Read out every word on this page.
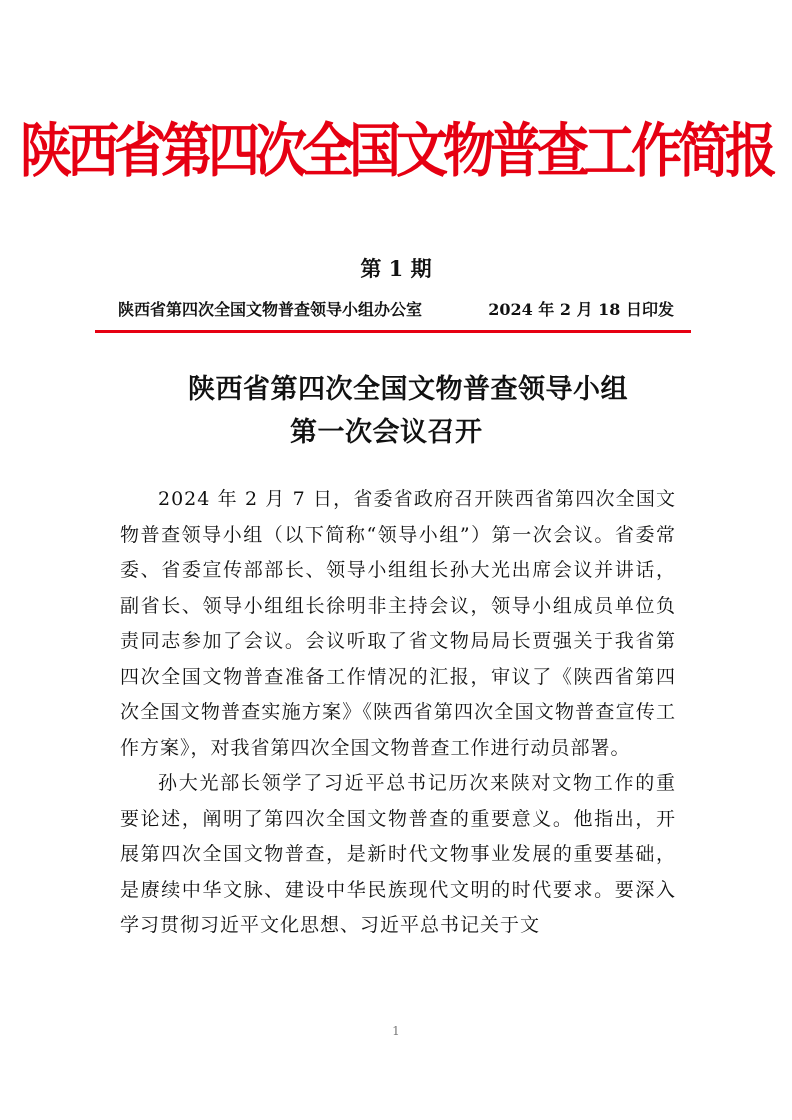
陕西省第四次全国文物普查工作简报
第 1 期
陕西省第四次全国文物普查领导小组办公室	2024 年 2 月 18 日印发
陕西省第四次全国文物普查领导小组
第一次会议召开

2024 年 2 月 7 日，省委省政府召开陕西省第四次全国文物普查领导小组（以下简称“领导小组”）第一次会议。省委常委、省委宣传部部长、领导小组组长孙大光出席会议并讲话，副省长、领导小组组长徐明非主持会议，领导小组成员单位负责同志参加了会议。会议听取了省文物局局长贾强关于我省第四次全国文物普查准备工作情况的汇报，审议了《陕西省第四次全国文物普查实施方案》《陕西省第四次全国文物普查宣传工作方案》，对我省第四次全国文物普查工作进行动员部署。

孙大光部长领学了习近平总书记历次来陕对文物工作的重要论述，阐明了第四次全国文物普查的重要意义。他指出，开展第四次全国文物普查，是新时代文物事业发展的重要基础，是赓续中华文脉、建设中华民族现代文明的时代要求。要深入学习贯彻习近平文化思想、习近平总书记关于文

1
